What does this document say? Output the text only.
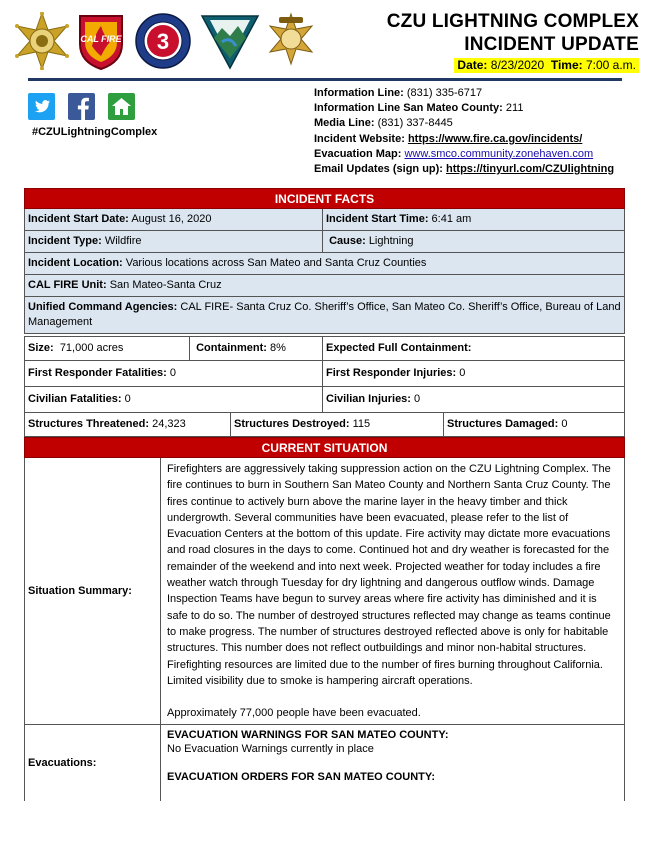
CAL FIRE 3
CZU LIGHTNING COMPLEX
INCIDENT UPDATE
Date: 8/23/2020 Time: 7:00 a.m.
#CZULightningComplex
Information Line: (831) 335-6717
Information Line San Mateo County: 211
Media Line: (831) 337-8445
Incident Website: https://www.fire.ca.gov/incidents/
Evacuation Map: www.smco.community.zonehaven.com
Email Updates (sign up): https://tinyurl.com/CZUlightning
INCIDENT FACTS
Incident Start Date: August 16, 2020	Incident Start Time: 6:41 am
Incident Type: Wildfire	Cause: Lightning
Incident Location: Various locations across San Mateo and Santa Cruz Counties
CAL FIRE Unit: San Mateo-Santa Cruz
Unified Command Agencies: CAL FIRE- Santa Cruz Co. Sheriff’s Office, San Mateo Co. Sheriff’s Office, Bureau of Land Management
Size: 71,000 acres	Containment: 8%	Expected Full Containment:
First Responder Fatalities: 0	First Responder Injuries: 0
Civilian Fatalities: 0	Civilian Injuries: 0
Structures Threatened: 24,323	Structures Destroyed: 115	Structures Damaged: 0
CURRENT SITUATION
Situation Summary:

Firefighters are aggressively taking suppression action on the CZU Lightning Complex. The fire continues to burn in Southern San Mateo County and Northern Santa Cruz County. The fires continue to actively burn above the marine layer in the heavy timber and thick undergrowth. Several communities have been evacuated, please refer to the list of Evacuation Centers at the bottom of this update. Fire activity may dictate more evacuations and road closures in the days to come. Continued hot and dry weather is forecasted for the remainder of the weekend and into next week. Projected weather for today includes a fire weather watch through Tuesday for dry lightning and dangerous outflow winds. Damage Inspection Teams have begun to survey areas where fire activity has diminished and it is safe to do so. The number of destroyed structures reflected may change as teams continue to make progress. The number of structures destroyed reflected above is only for habitable structures. This number does not reflect outbuildings and minor non-habital structures. Firefighting resources are limited due to the number of fires burning throughout California. Limited visibility due to smoke is hampering aircraft operations.

Approximately 77,000 people have been evacuated.

Evacuations:
EVACUATION WARNINGS FOR SAN MATEO COUNTY:
No Evacuation Warnings currently in place
EVACUATION ORDERS FOR SAN MATEO COUNTY:
